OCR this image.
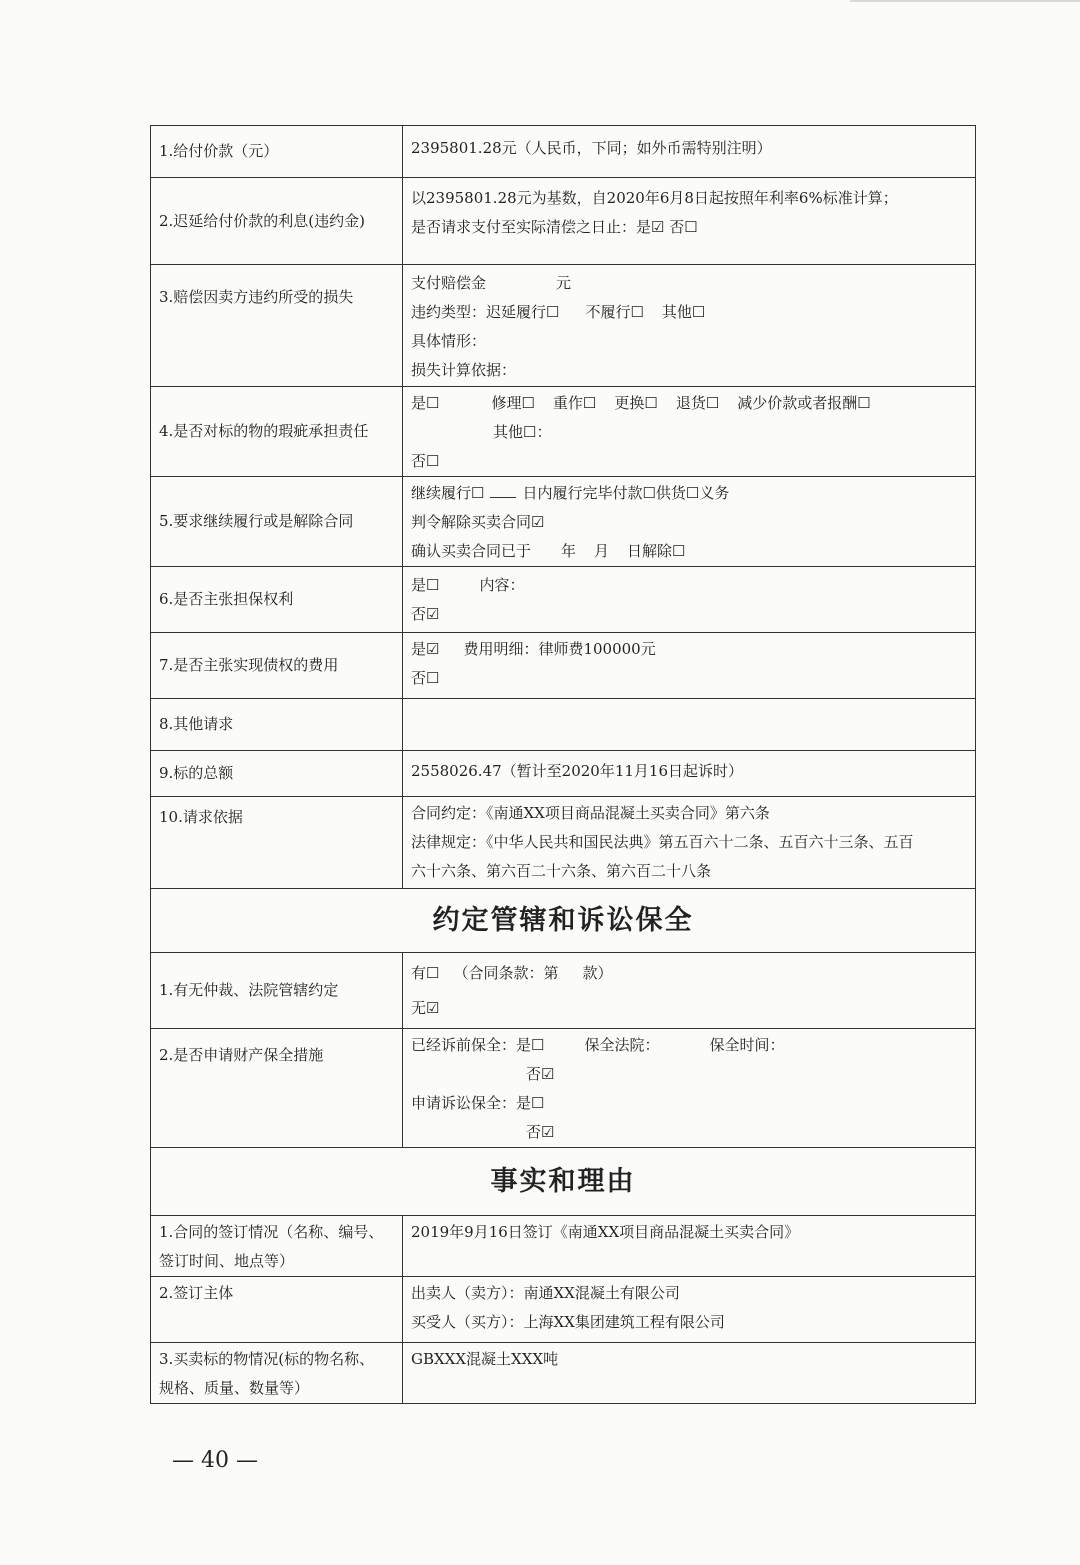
1.给付价款（元）	2395801.28元（人民币，下同；如外币需特别注明）

2.迟延给付价款的利息(违约金)	以2395801.28元为基数，自2020年6月8日起按照年利率6%标准计算；
是否请求支付至实际清偿之日止：是☑ 否☐

3.赔偿因卖方违约所受的损失	支付赔偿金 元
违约类型：迟延履行☐ 不履行☐ 其他☐
具体情形：
损失计算依据：

4.是否对标的物的瑕疵承担责任	是☐ 修理☐ 重作☐ 更换☐ 退货☐ 减少价款或者报酬☐
其他☐：
否☐

5.要求继续履行或是解除合同	继续履行☐ 日内履行完毕付款☐供货☐义务
判令解除买卖合同☑
确认买卖合同已于 年 月 日解除☐

6.是否主张担保权利	是☐ 内容：
否☑

7.是否主张实现债权的费用	是☑ 费用明细：律师费100000元
否☐

8.其他请求	
9.标的总额	2558026.47（暂计至2020年11月16日起诉时）

10.请求依据	合同约定：《南通XX项目商品混凝土买卖合同》第六条
法律规定：《中华人民共和国民法典》第五百六十二条、五百六十三条、五百
六十六条、第六百二十六条、第六百二十八条

约定管辖和诉讼保全	
1.有无仲裁、法院管辖约定	有☐ （合同条款：第 款）
无☑

2.是否申请财产保全措施	已经诉前保全：是☐ 保全法院： 保全时间：
否☑
申请诉讼保全：是☐
否☑

事实和理由	

1.合同的签订情况（名称、编号、
签订时间、地点等）	2019年9月16日签订《南通XX项目商品混凝土买卖合同》

2.签订主体	出卖人（卖方）：南通XX混凝土有限公司
买受人（买方）：上海XX集团建筑工程有限公司

3.买卖标的物情况(标的物名称、
规格、质量、数量等）	GBXXX混凝土XXX吨
— 40 —
